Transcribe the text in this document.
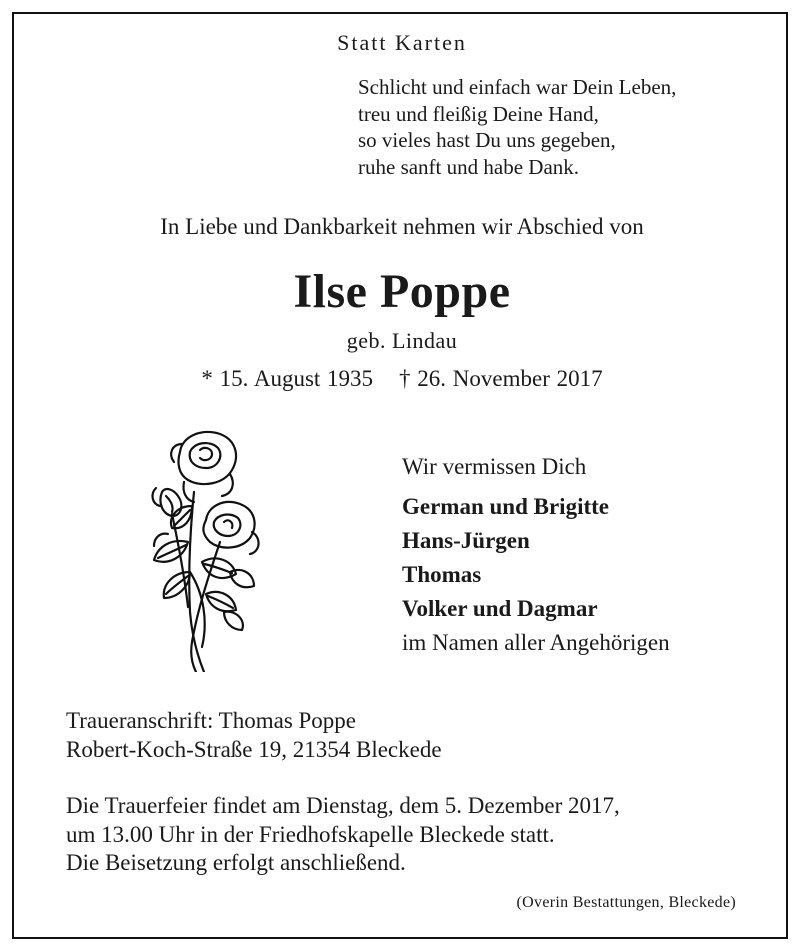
Statt Karten
Schlicht und einfach war Dein Leben,
treu und fleißig Deine Hand,
so vieles hast Du uns gegeben,
ruhe sanft und habe Dank.
In Liebe und Dankbarkeit nehmen wir Abschied von
Ilse Poppe
geb. Lindau
* 15. August 1935 † 26. November 2017
Wir vermissen Dich
German und Brigitte
Hans-Jürgen
Thomas
Volker und Dagmar
im Namen aller Angehörigen
Traueranschrift: Thomas Poppe
Robert-Koch-Straße 19, 21354 Bleckede
Die Trauerfeier findet am Dienstag, dem 5. Dezember 2017,
um 13.00 Uhr in der Friedhofskapelle Bleckede statt.
Die Beisetzung erfolgt anschließend.
(Overin Bestattungen, Bleckede)
